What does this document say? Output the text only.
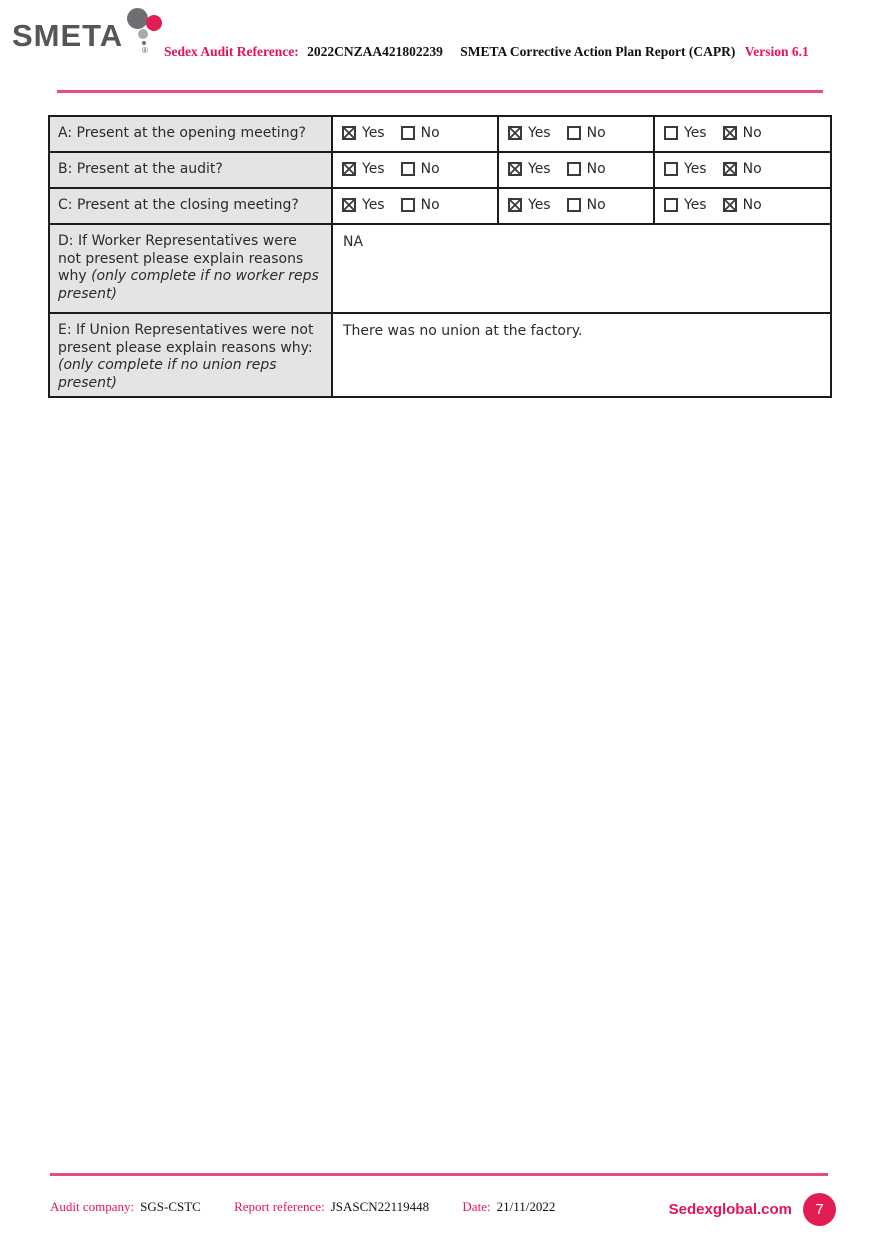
SMETA ® Sedex Audit Reference: 2022CNZAA421802239 SMETA Corrective Action Plan Report (CAPR) Version 6.1
A: Present at the opening meeting?	Yes No	Yes No	Yes No

B: Present at the audit?	Yes No	Yes No	Yes No

C: Present at the closing meeting?	Yes No	Yes No	Yes No

D: If Worker Representatives were not present please explain reasons why (only complete if no worker reps present)	NA		
E: If Union Representatives were not present please explain reasons why: (only complete if no union reps present)	There was no union at the factory.		
Audit company: SGS-CSTC	Report reference: JSASCN22119448	Date: 21/11/2022	Sedexglobal.com	7
